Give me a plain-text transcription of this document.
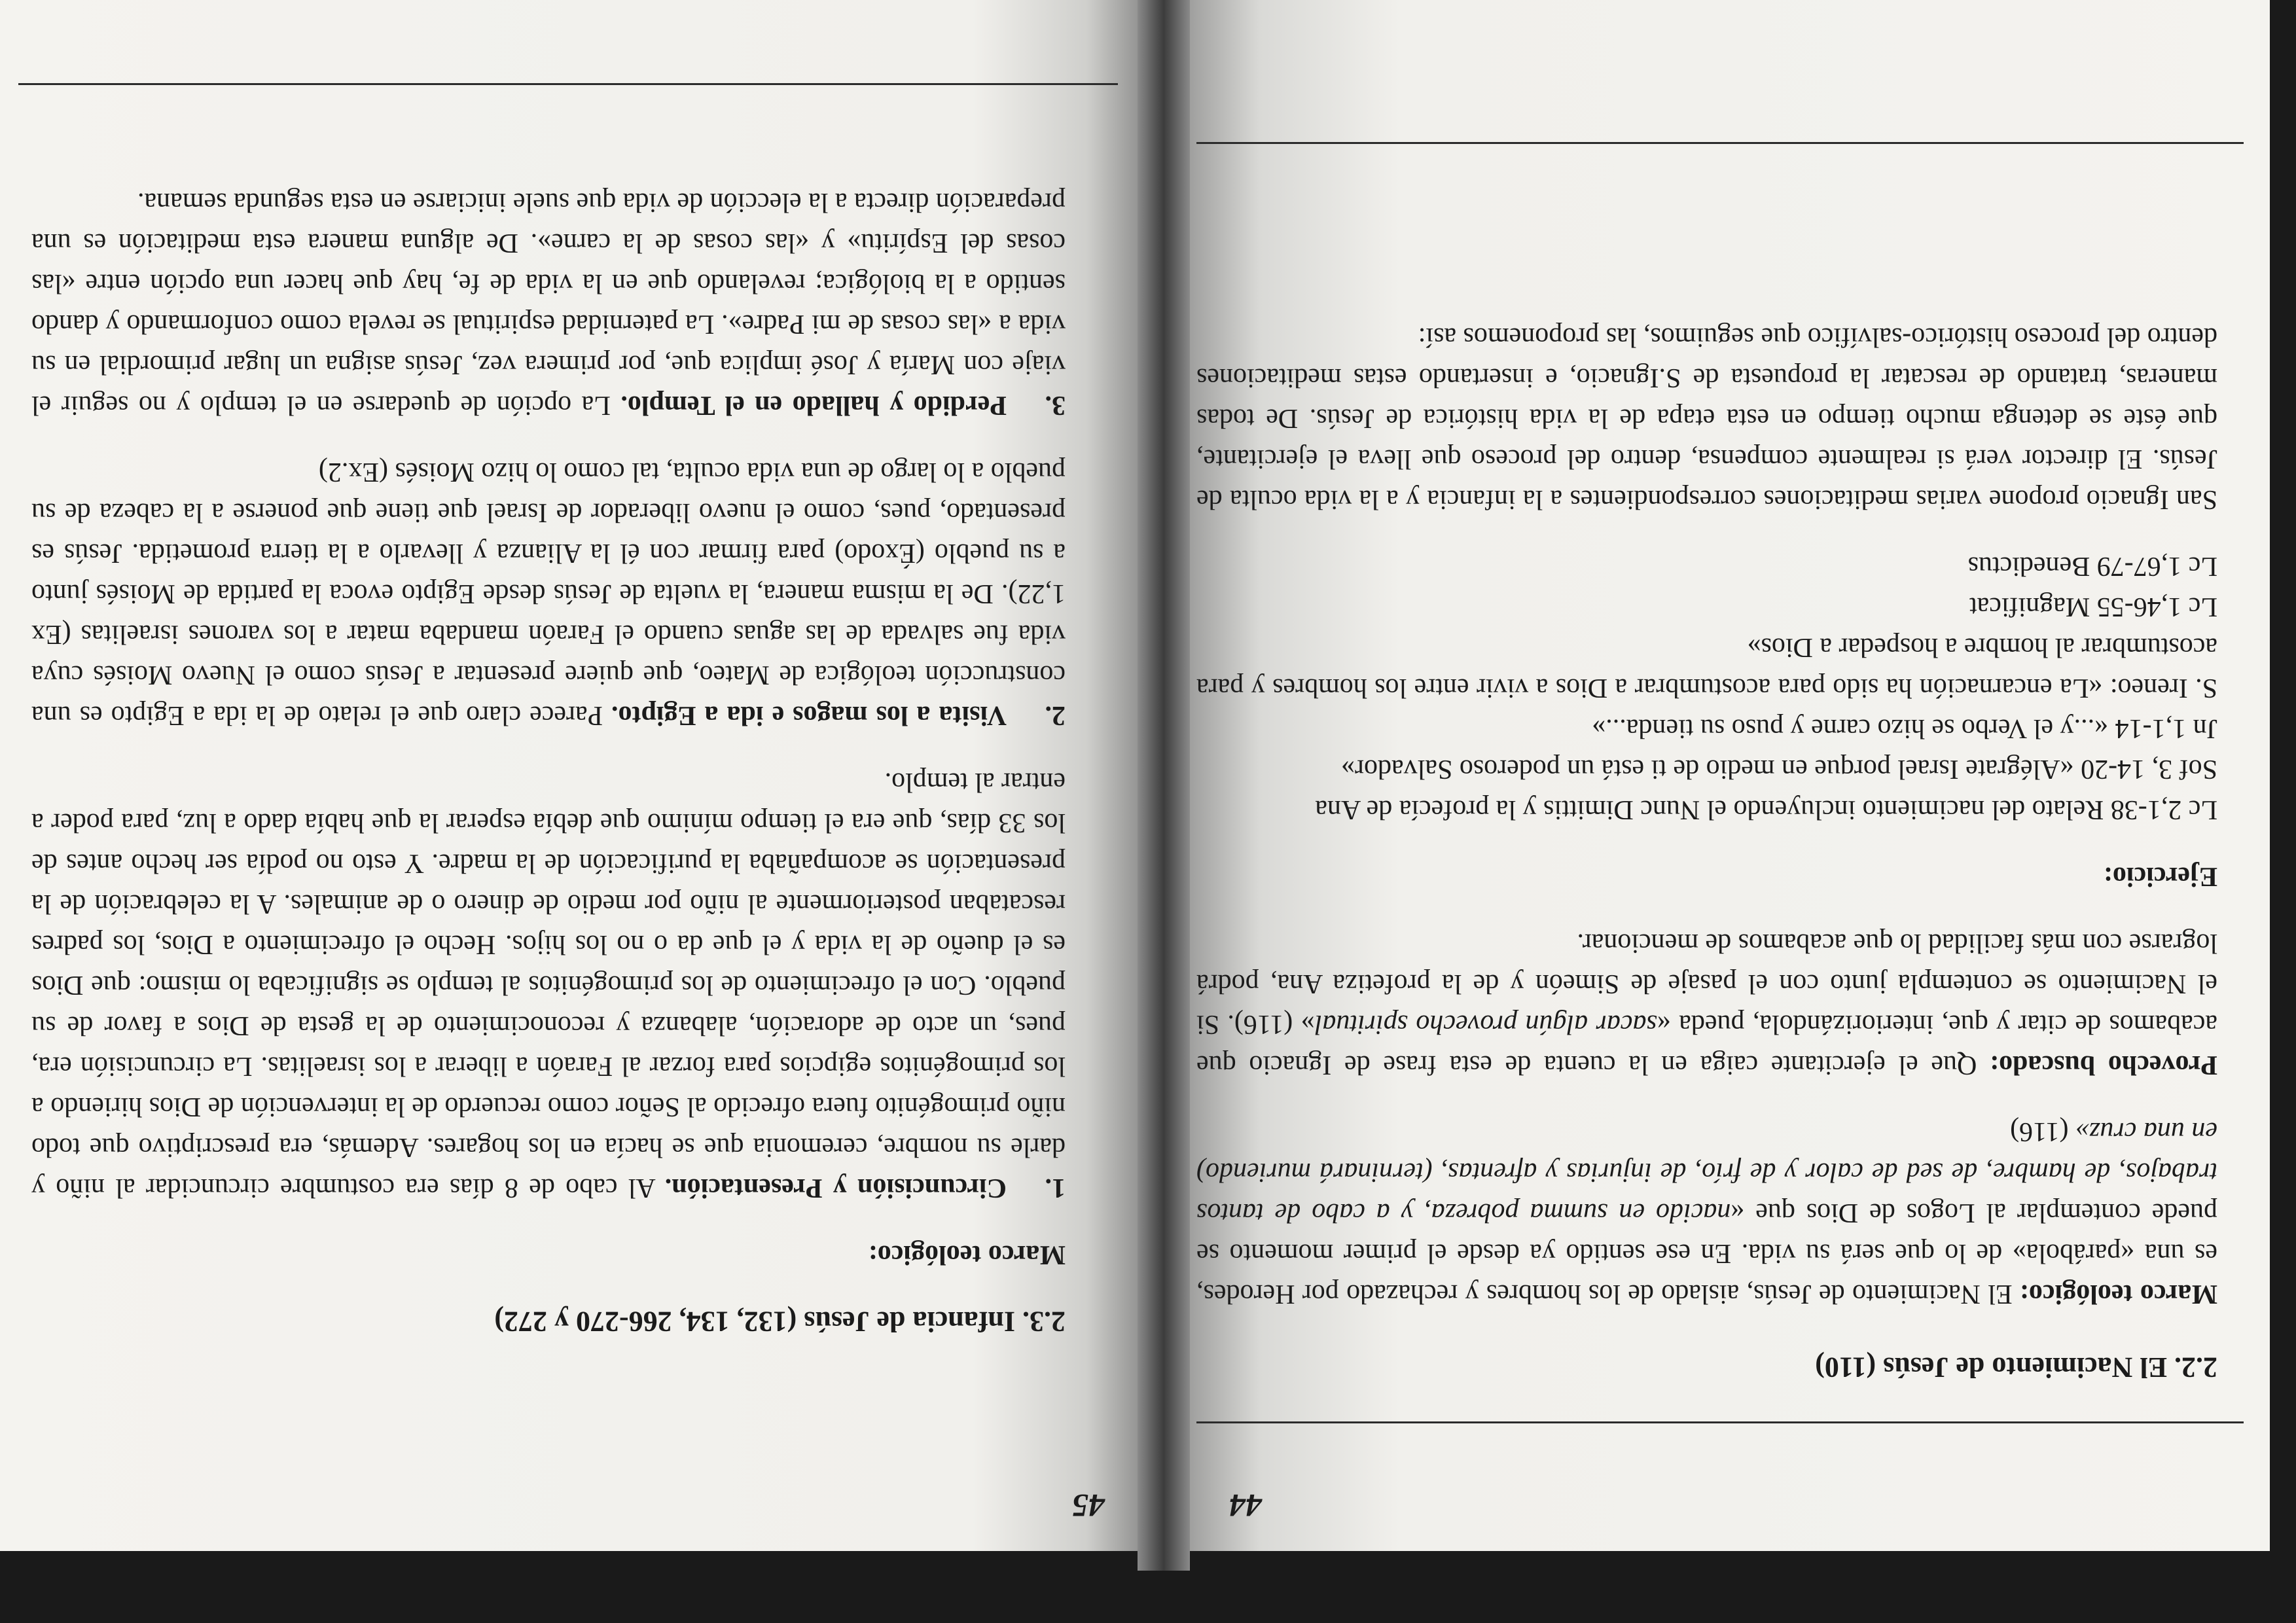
44
45

2.2. El Nacimiento de Jesús (110)

Marco teológico: El Nacimiento de Jesús, aislado de los hombres y rechazado por Herodes, es una «parábola» de lo que será su vida. En ese sentido ya desde el primer momento se puede contemplar al Logos de Dios que «nacido en summa pobreza, y a cabo de tantos trabajos, de hambre, de sed de calor y de frío, de injurias y afrentas, (terninará muriendo) en una cruz» (116)

Provecho buscado: Que el ejercitante caiga en la cuenta de esta frase de Ignacio que acabamos de citar y que, interiorizándola, pueda «sacar algún provecho spiritual» (116). Si el Nacimiento se contempla junto con el pasaje de Simeón y de la profetiza Ana, podrá lograrse con más facilidad lo que acabamos de mencionar.

Ejercicio:

Lc 2,1-38 Relato del nacimiento incluyendo el Nunc Dimittis y la profecía de Ana

Sof 3, 14-20 «Alégrate Israel porque en medio de ti está un poderoso Salvador»

Jn 1,1-14 «...y el Verbo se hizo carne y puso su tienda...»

S. Ireneo: «La encarnación ha sido para acostumbrar a Dios a vivir entre los hombres y para acostumbrar al hombre a hospedar a Dios»

Lc 1,46-55 Magnificat

Lc 1,67-79 Benedictus

San Ignacio propone varias meditaciones correspondientes a la infancia y a la vida oculta de Jesús. El director verá si realmente compensa, dentro del proceso que lleva el ejercitante, que éste se detenga mucho tiempo en esta etapa de la vida histórica de Jesús. De todas maneras, tratando de rescatar la propuesta de S.Ignacio, e insertando estas meditaciones dentro del proceso histórico-salvífico que seguimos, las proponemos así:

2.3. Infancia de Jesús (132, 134, 266-270 y 272)

Marco teológico:

1.Circuncisión y Presentación. Al cabo de 8 días era costumbre circuncidar al niño y darle su nombre, ceremonia que se hacía en los hogares. Además, era prescriptivo que todo niño primogénito fuera ofrecido al Señor como recuerdo de la intervención de Dios hiriendo a los primogénitos egipcios para forzar al Faraón a liberar a los israelitas. La circuncisión era, pues, un acto de adoración, alabanza y reconocimiento de la gesta de Dios a favor de su pueblo. Con el ofrecimiento de los primogénitos al templo se significaba lo mismo: que Dios es el dueño de la vida y el que da o no los hijos. Hecho el ofrecimiento a Dios, los padres rescataban posteriormente al niño por medio de dinero o de animales. A la celebración de la presentación se acompañaba la purificación de la madre. Y esto no podía ser hecho antes de los 33 días, que era el tiempo mínimo que debía esperar la que había dado a luz, para poder a entrar al templo.

2.Visita a los magos e ida a Egipto. Parece claro que el relato de la ida a Egipto es una construcción teológica de Mateo, que quiere presentar a Jesús como el Nuevo Moisés cuya vida fue salvada de las aguas cuando el Faraón mandaba matar a los varones israelitas (Ex 1,22). De la misma manera, la vuelta de Jesús desde Egipto evoca la partida de Moisés junto a su pueblo (Éxodo) para firmar con él la Alianza y llevarlo a la tierra prometida. Jesús es presentado, pues, como el nuevo liberador de Israel que tiene que ponerse a la cabeza de su pueblo a lo largo de una vida oculta, tal como lo hizo Moisés (Ex.2)

3.Perdido y hallado en el Templo. La opción de quedarse en el templo y no seguir el viaje con María y José implica que, por primera vez, Jesús asigna un lugar primordial en su vida a «las cosas de mi Padre». La paternidad espiritual se revela como conformando y dando sentido a la biológica; revelando que en la vida de fe, hay que hacer una opción entre «las cosas del Espíritu» y «las cosas de la carne». De alguna manera esta meditación es una preparación directa a la elección de vida que suele iniciarse en esta segunda semana.
